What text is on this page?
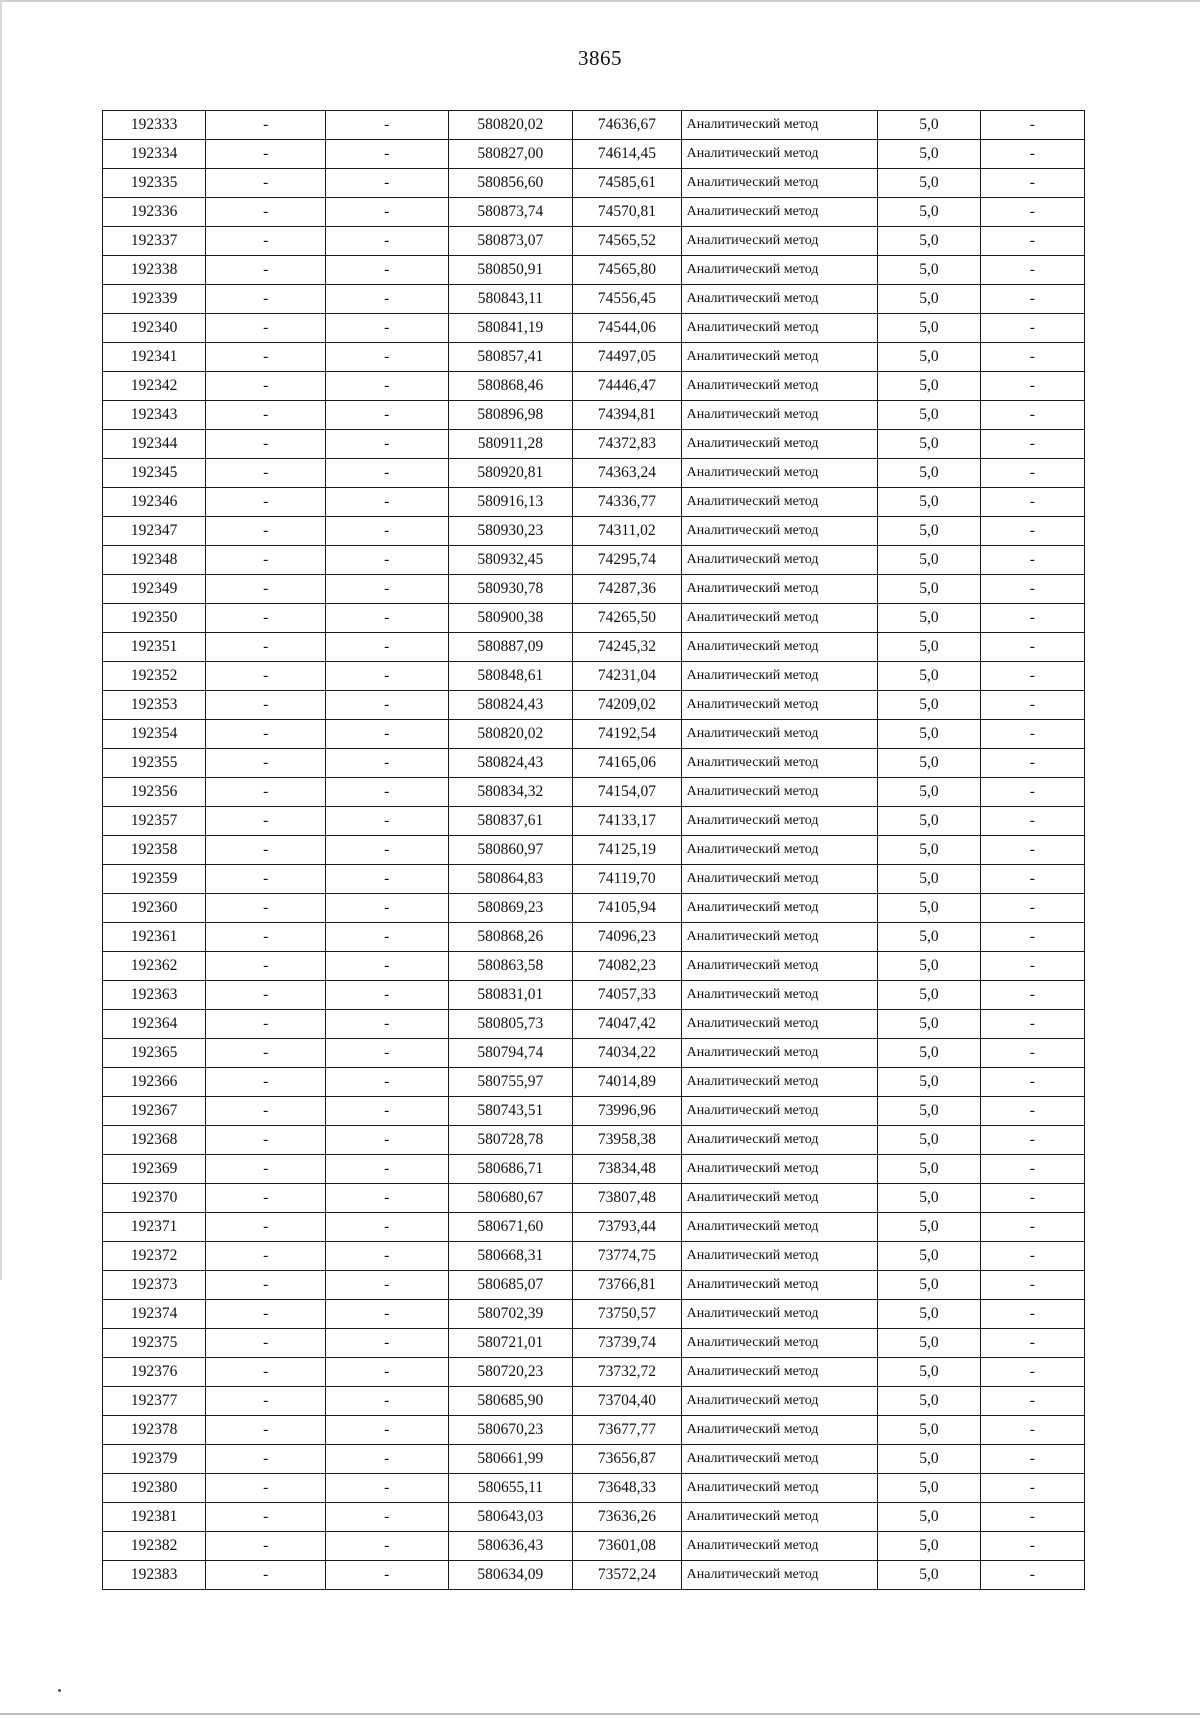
3865
192333	-	-	580820,02	74636,67	Аналитический метод	5,0	-
192334	-	-	580827,00	74614,45	Аналитический метод	5,0	-
192335	-	-	580856,60	74585,61	Аналитический метод	5,0	-
192336	-	-	580873,74	74570,81	Аналитический метод	5,0	-
192337	-	-	580873,07	74565,52	Аналитический метод	5,0	-
192338	-	-	580850,91	74565,80	Аналитический метод	5,0	-
192339	-	-	580843,11	74556,45	Аналитический метод	5,0	-
192340	-	-	580841,19	74544,06	Аналитический метод	5,0	-
192341	-	-	580857,41	74497,05	Аналитический метод	5,0	-
192342	-	-	580868,46	74446,47	Аналитический метод	5,0	-
192343	-	-	580896,98	74394,81	Аналитический метод	5,0	-
192344	-	-	580911,28	74372,83	Аналитический метод	5,0	-
192345	-	-	580920,81	74363,24	Аналитический метод	5,0	-
192346	-	-	580916,13	74336,77	Аналитический метод	5,0	-
192347	-	-	580930,23	74311,02	Аналитический метод	5,0	-
192348	-	-	580932,45	74295,74	Аналитический метод	5,0	-
192349	-	-	580930,78	74287,36	Аналитический метод	5,0	-
192350	-	-	580900,38	74265,50	Аналитический метод	5,0	-
192351	-	-	580887,09	74245,32	Аналитический метод	5,0	-
192352	-	-	580848,61	74231,04	Аналитический метод	5,0	-
192353	-	-	580824,43	74209,02	Аналитический метод	5,0	-
192354	-	-	580820,02	74192,54	Аналитический метод	5,0	-
192355	-	-	580824,43	74165,06	Аналитический метод	5,0	-
192356	-	-	580834,32	74154,07	Аналитический метод	5,0	-
192357	-	-	580837,61	74133,17	Аналитический метод	5,0	-
192358	-	-	580860,97	74125,19	Аналитический метод	5,0	-
192359	-	-	580864,83	74119,70	Аналитический метод	5,0	-
192360	-	-	580869,23	74105,94	Аналитический метод	5,0	-
192361	-	-	580868,26	74096,23	Аналитический метод	5,0	-
192362	-	-	580863,58	74082,23	Аналитический метод	5,0	-
192363	-	-	580831,01	74057,33	Аналитический метод	5,0	-
192364	-	-	580805,73	74047,42	Аналитический метод	5,0	-
192365	-	-	580794,74	74034,22	Аналитический метод	5,0	-
192366	-	-	580755,97	74014,89	Аналитический метод	5,0	-
192367	-	-	580743,51	73996,96	Аналитический метод	5,0	-
192368	-	-	580728,78	73958,38	Аналитический метод	5,0	-
192369	-	-	580686,71	73834,48	Аналитический метод	5,0	-
192370	-	-	580680,67	73807,48	Аналитический метод	5,0	-
192371	-	-	580671,60	73793,44	Аналитический метод	5,0	-
192372	-	-	580668,31	73774,75	Аналитический метод	5,0	-
192373	-	-	580685,07	73766,81	Аналитический метод	5,0	-
192374	-	-	580702,39	73750,57	Аналитический метод	5,0	-
192375	-	-	580721,01	73739,74	Аналитический метод	5,0	-
192376	-	-	580720,23	73732,72	Аналитический метод	5,0	-
192377	-	-	580685,90	73704,40	Аналитический метод	5,0	-
192378	-	-	580670,23	73677,77	Аналитический метод	5,0	-
192379	-	-	580661,99	73656,87	Аналитический метод	5,0	-
192380	-	-	580655,11	73648,33	Аналитический метод	5,0	-
192381	-	-	580643,03	73636,26	Аналитический метод	5,0	-
192382	-	-	580636,43	73601,08	Аналитический метод	5,0	-
192383	-	-	580634,09	73572,24	Аналитический метод	5,0	-
